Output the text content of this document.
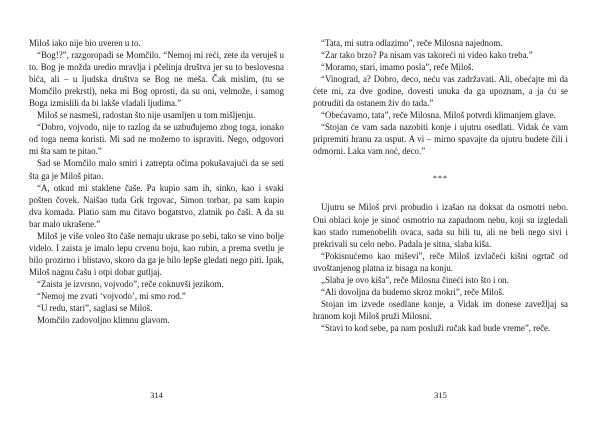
Miloš iako nije bio uveren u to.

“Bog!?”, razgoropadi se Momčilo. “Nemoj mi reći, zete da veruješ u to. Bog je možda uredio mravlja i pčelinja društva jer su to beslovesna bića, ali – u ljudska društva se Bog ne meša. Čak mislim, (tu se Momčilo prekrsti), neka mi Bog oprosti, da su oni, velmože, i samog Boga izmislili da bi lakše vladali ljudima.”

Miloš se nasmeši, radostan što nije usamljen u tom mišljenju.

“Dobro, vojvodo, nije to razlog da se uzbuđujemo zbog toga, ionako od toga nema koristi. Mi sad ne možemo to ispraviti. Nego, odgovori mi šta sam te pitao.”

Sad se Momčilo malo smiri i zatrepta očima pokušavajući da se seti šta ga je Miloš pitao.

“A, otkud mi staklene čaše. Pa kupio sam ih, sinko, kao i svaki pošten čovek. Naišao tuda Grk trgovac, Simon torbar, pa sam kupio dva komada. Platio sam mu čitavo bogatstvo, zlatnik po čaši. A da su bar malo ukrašene.”

Miloš je više voleo što čaše nemaju ukrase po sebi, tako se vino bolje videlo. I zaista je imalo lepu crvenu boju, kao rubin, a prema svetlu je bilo prozirno i blistavo, skoro da ga je bilo lepše gledati nego piti. Ipak, Miloš nagnu čašu i otpi dobar gutljaj.

“Zaista je izvrsno, vojvodo”, reče coknuvši jezikom.

“Nemoj me zvati ‘vojvodo’, mi smo rod.”

“U redu, stari”, saglasi se Miloš.

Momčilo zadovoljno klimnu glavom.

314

“Tata, mi sutra odlazimo”, reče Milosna najednom.

“Zar tako brzo? Pa nisam vas takoreći ni video kako treba.”

“Moramo, stari, imamo posla”, reče Miloš.

“Vinograd, a? Dobro, deco, neću vas zadržavati. Ali, obećajte mi da ćete mi, za dve godine, dovesti unuka da ga upoznam, a ja ću se potruditi da ostanem živ do tada.”

“Obećavamo, tata”, reče Milosna. Miloš potvrdi klimanjem glave.

“Stojan će vam sada nazobiti konje i ujutru osedlati. Vidak će vam pripremiti hranu za usput. A vi – mirno spavajte da ujutru budete čili i odmorni. Laka vam noć, deco.”

***

Ujutru se Miloš prvi probudio i izašao na doksat da osmotri nebo. Oni oblaci koje je sinoć osmotrio na zapadnom nebu, koji su izgledali kao stado rumenobelih ovaca, sada su bili tu, ali ne beli nego sivi i prekrivali su celo nebo. Padala je sitna, slaba kiša.

“Pokisnućemo kao miševi”, reče Miloš izvlačeći kišni ogrtač od uvoštanjenog platna iz bisaga na konju.

„Slaba je ovo kiša”, reče Milosna čineći isto što i on.

“Ali dovoljna da budemo skroz mokri”, reče Miloš.

Stojan im izvede osedlane konje, a Vidak im donese zavežljaj sa hranom koji Miloš pruži Milosni.

“Stavi to kod sebe, pa nam posluži ručak kad bude vreme”, reče.

315
